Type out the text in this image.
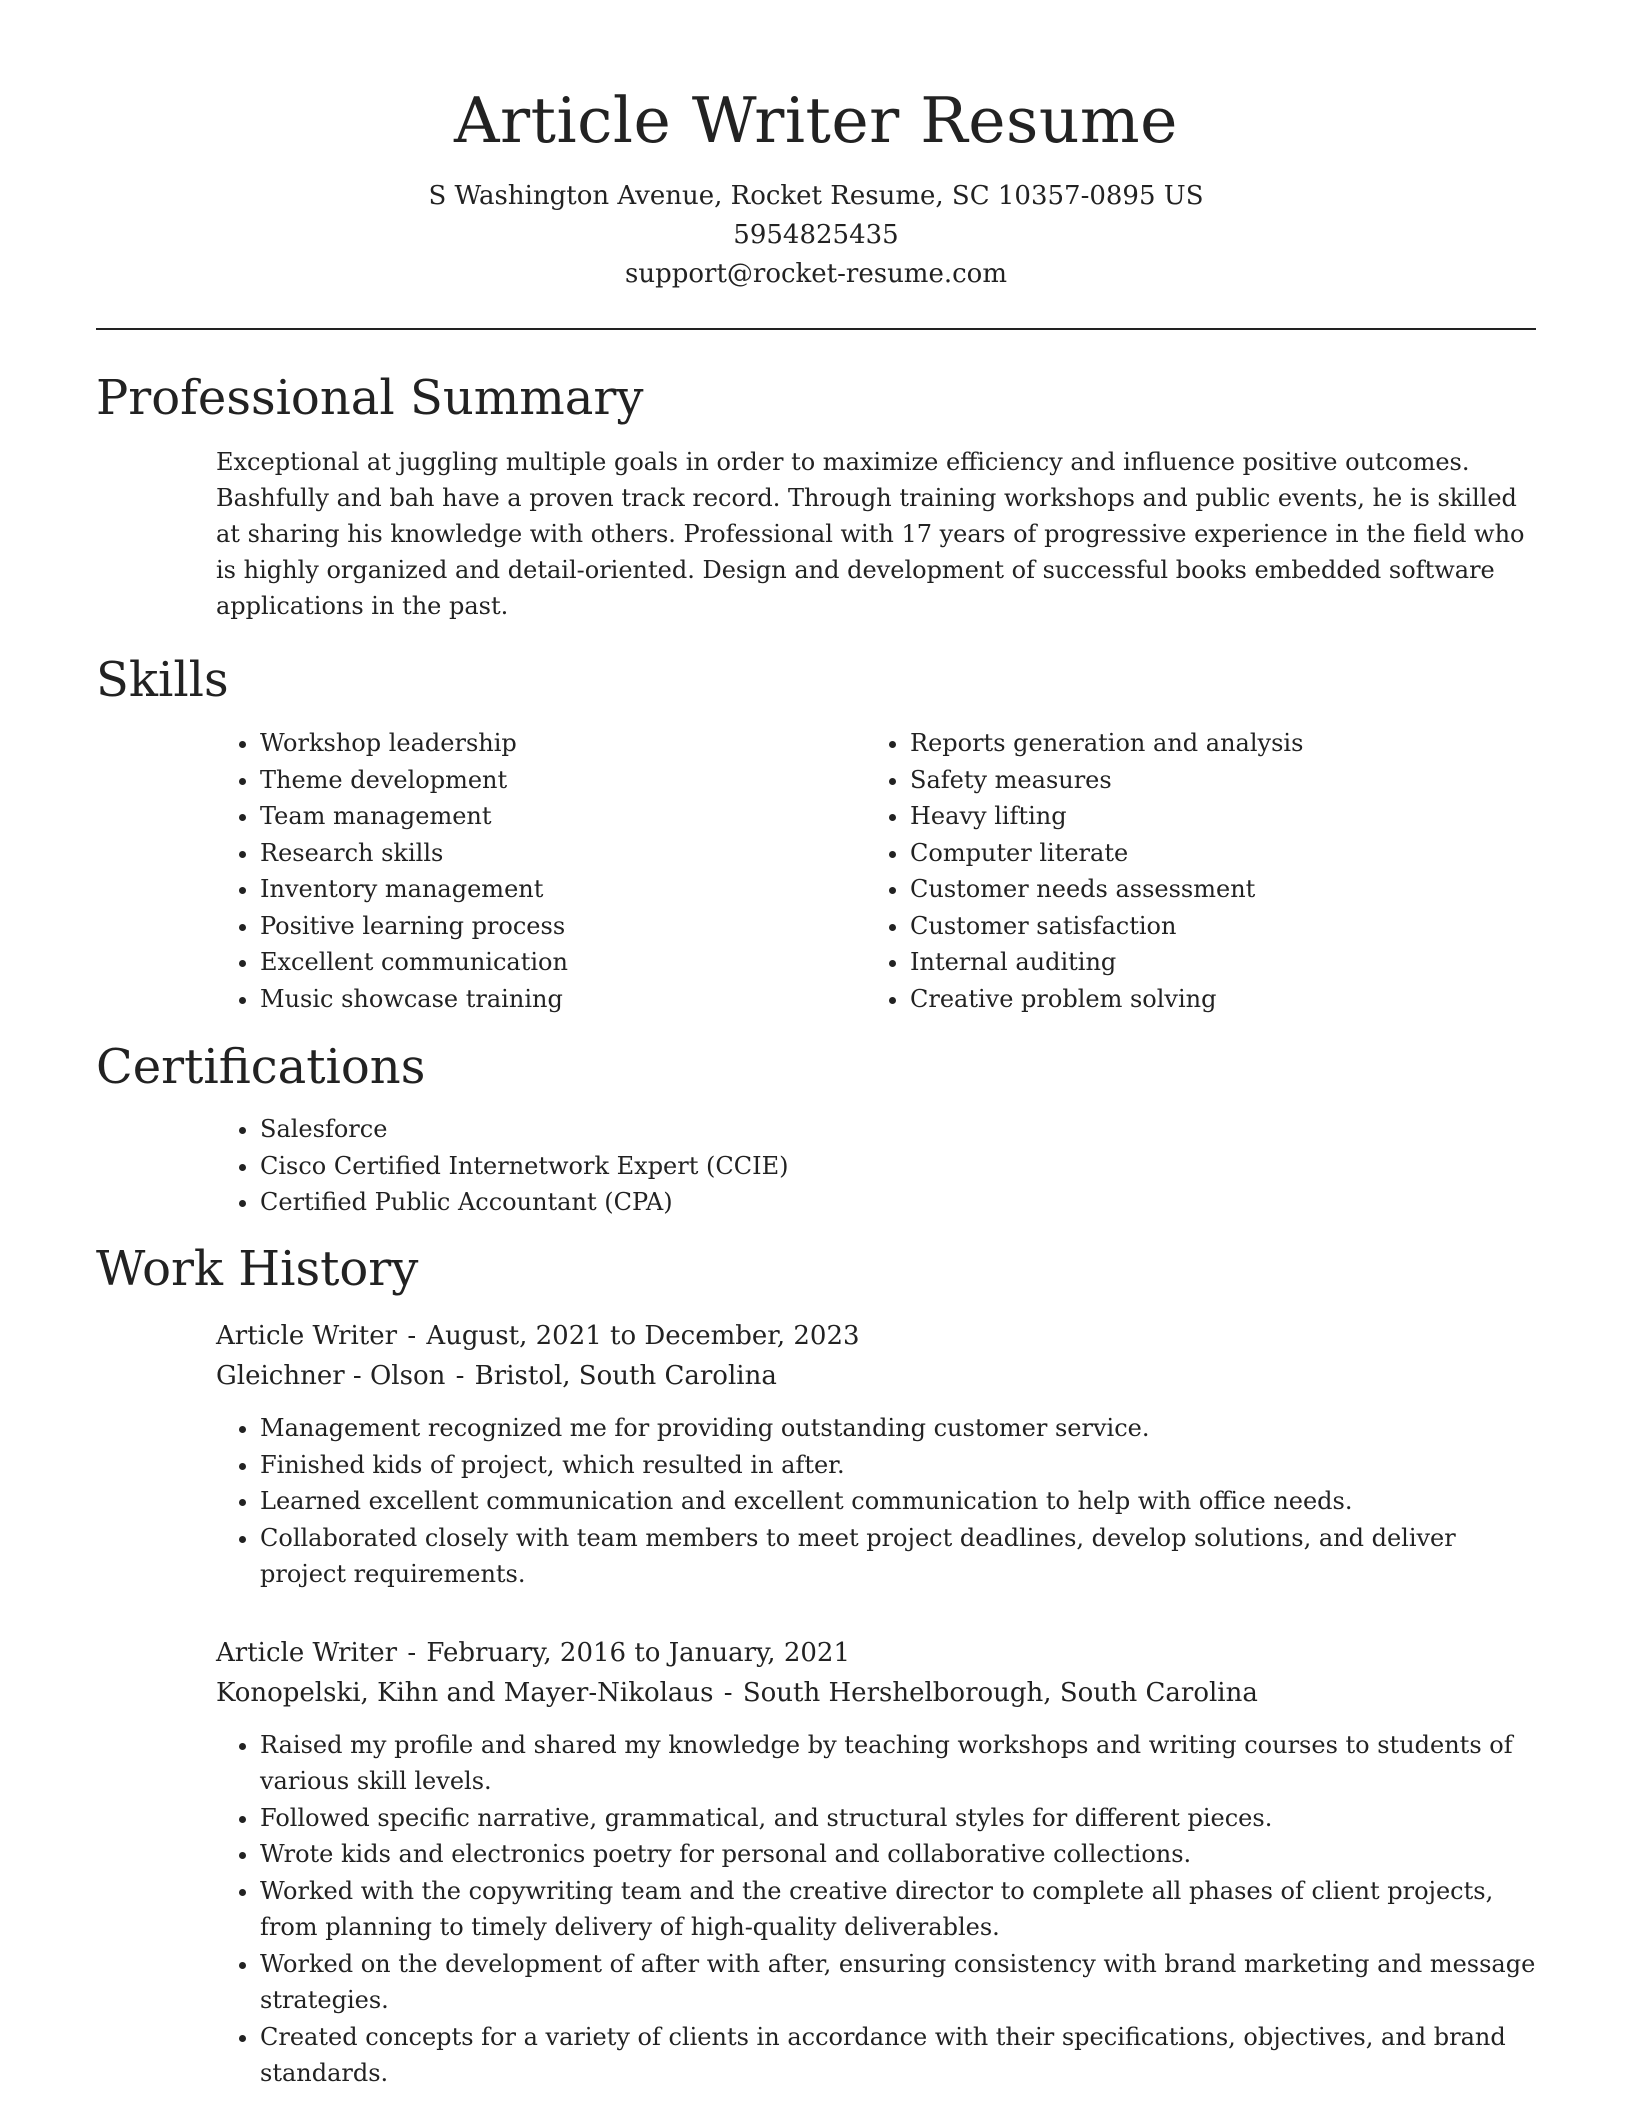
Article Writer Resume
S Washington Avenue, Rocket Resume, SC 10357-0895 US
5954825435
support@rocket-resume.com
Professional Summary
Exceptional at juggling multiple goals in order to maximize efficiency and influence positive outcomes. Bashfully and bah have a proven track record. Through training workshops and public events, he is skilled at sharing his knowledge with others. Professional with 17 years of progressive experience in the field who is highly organized and detail-oriented. Design and development of successful books embedded software applications in the past.
Skills
• Workshop leadership
• Theme development
• Team management
• Research skills
• Inventory management
• Positive learning process
• Excellent communication
• Music showcase training
• Reports generation and analysis
• Safety measures
• Heavy lifting
• Computer literate
• Customer needs assessment
• Customer satisfaction
• Internal auditing
• Creative problem solving
Certifications
• Salesforce
• Cisco Certified Internetwork Expert (CCIE)
• Certified Public Accountant (CPA)
Work History
Article Writer - August, 2021 to December, 2023
Gleichner - Olson - Bristol, South Carolina
• Management recognized me for providing outstanding customer service.
• Finished kids of project, which resulted in after.
• Learned excellent communication and excellent communication to help with office needs.
• Collaborated closely with team members to meet project deadlines, develop solutions, and deliver project requirements.
Article Writer - February, 2016 to January, 2021
Konopelski, Kihn and Mayer-Nikolaus - South Hershelborough, South Carolina
• Raised my profile and shared my knowledge by teaching workshops and writing courses to students of various skill levels.
• Followed specific narrative, grammatical, and structural styles for different pieces.
• Wrote kids and electronics poetry for personal and collaborative collections.
• Worked with the copywriting team and the creative director to complete all phases of client projects, from planning to timely delivery of high-quality deliverables.
• Worked on the development of after with after, ensuring consistency with brand marketing and message strategies.
• Created concepts for a variety of clients in accordance with their specifications, objectives, and brand standards.
